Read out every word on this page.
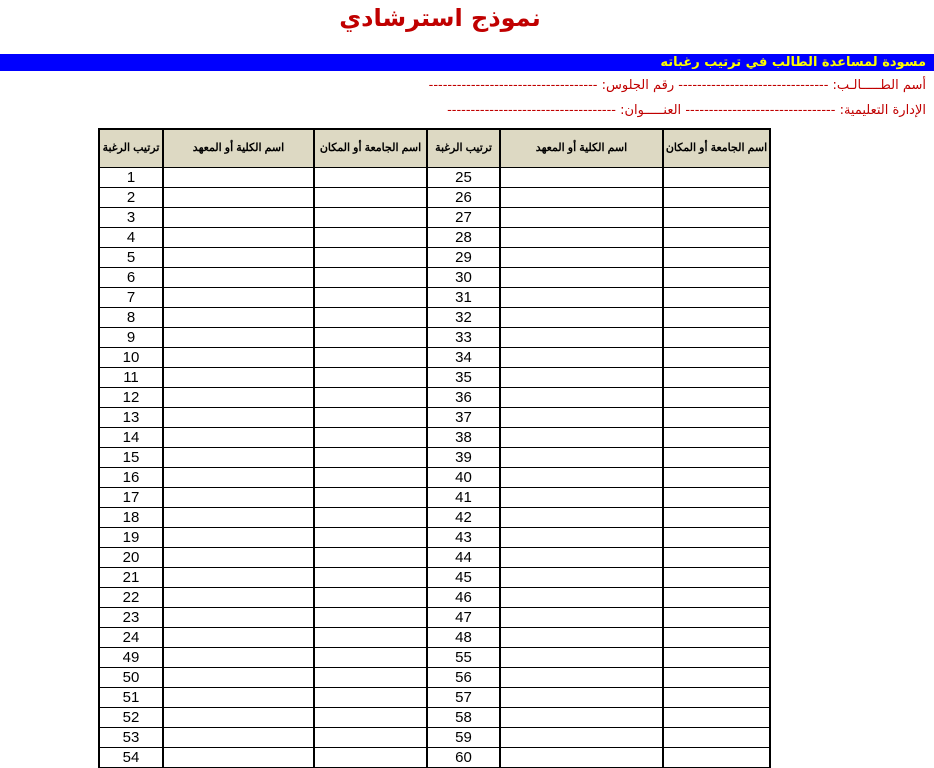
نموذج استرشادي
مسودة لمساعدة الطالب في ترتيب رغباته
أسم الطـــــالـب: -------------------------------- رقم الجلوس: ------------------------------------
الإدارة التعليمية: -------------------------------- العنـــــوان: ------------------------------------
ترتيب الرغبة	اسم الكلية أو المعهد	اسم الجامعة أو المكان	ترتيب الرغبة	اسم الكلية أو المعهد	اسم الجامعة أو المكان
1			25		
2			26		
3			27		
4			28		
5			29		
6			30		
7			31		
8			32		
9			33		
10			34		
11			35		
12			36		
13			37		
14			38		
15			39		
16			40		
17			41		
18			42		
19			43		
20			44		
21			45		
22			46		
23			47		
24			48		
49			55		
50			56		
51			57		
52			58		
53			59		
54			60		
